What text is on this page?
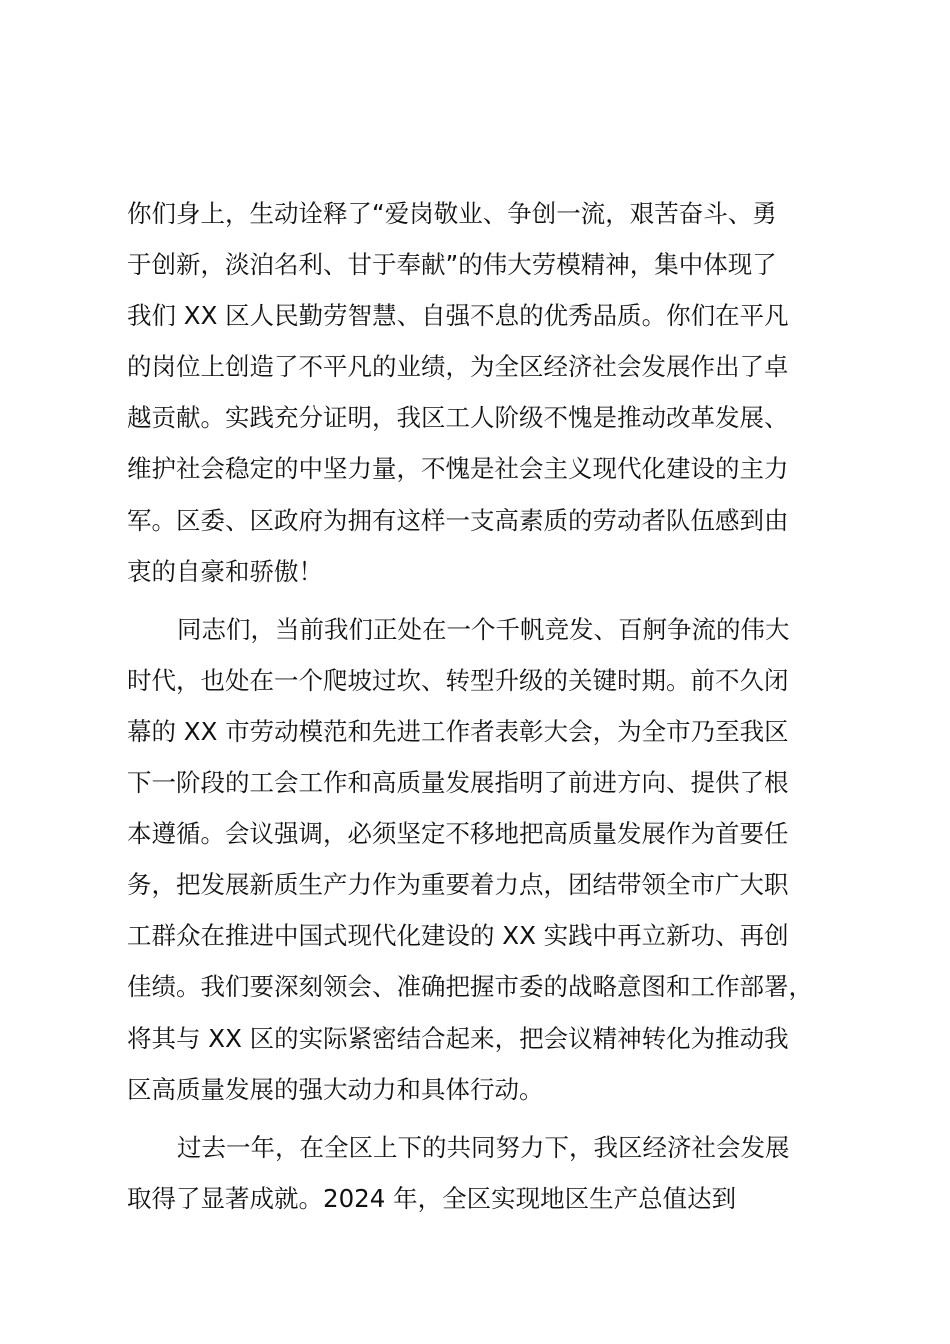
你们身上，生动诠释了“爱岗敬业、争创一流，艰苦奋斗、勇
于创新，淡泊名利、甘于奉献”的伟大劳模精神，集中体现了
我们 XX 区人民勤劳智慧、自强不息的优秀品质。你们在平凡
的岗位上创造了不平凡的业绩，为全区经济社会发展作出了卓
越贡献。实践充分证明，我区工人阶级不愧是推动改革发展、
维护社会稳定的中坚力量，不愧是社会主义现代化建设的主力
军。区委、区政府为拥有这样一支高素质的劳动者队伍感到由
衷的自豪和骄傲！
同志们，当前我们正处在一个千帆竞发、百舸争流的伟大
时代，也处在一个爬坡过坎、转型升级的关键时期。前不久闭
幕的 XX 市劳动模范和先进工作者表彰大会，为全市乃至我区
下一阶段的工会工作和高质量发展指明了前进方向、提供了根
本遵循。会议强调，必须坚定不移地把高质量发展作为首要任
务，把发展新质生产力作为重要着力点，团结带领全市广大职
工群众在推进中国式现代化建设的 XX 实践中再立新功、再创
佳绩。我们要深刻领会、准确把握市委的战略意图和工作部署，
将其与 XX 区的实际紧密结合起来，把会议精神转化为推动我
区高质量发展的强大动力和具体行动。
过去一年，在全区上下的共同努力下，我区经济社会发展
取得了显著成就。2024 年，全区实现地区生产总值达到
